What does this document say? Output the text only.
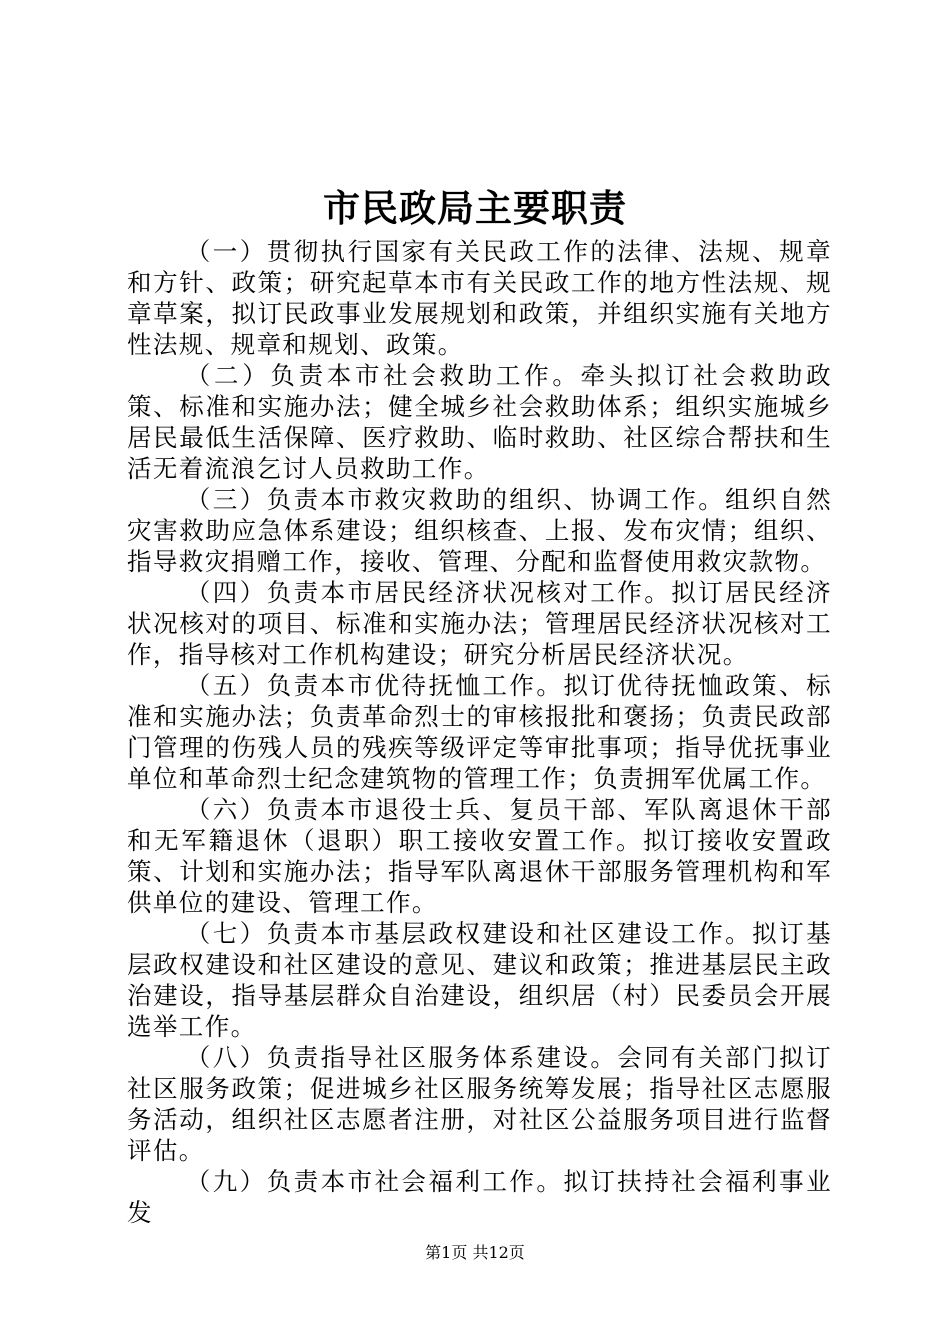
市民政局主要职责

（一）贯彻执行国家有关民政工作的法律、法规、规章和方针、政策；研究起草本市有关民政工作的地方性法规、规章草案，拟订民政事业发展规划和政策，并组织实施有关地方性法规、规章和规划、政策。

（二）负责本市社会救助工作。牵头拟订社会救助政策、标准和实施办法；健全城乡社会救助体系；组织实施城乡居民最低生活保障、医疗救助、临时救助、社区综合帮扶和生活无着流浪乞讨人员救助工作。

（三）负责本市救灾救助的组织、协调工作。组织自然灾害救助应急体系建设；组织核查、上报、发布灾情；组织、指导救灾捐赠工作，接收、管理、分配和监督使用救灾款物。

（四）负责本市居民经济状况核对工作。拟订居民经济状况核对的项目、标准和实施办法；管理居民经济状况核对工作，指导核对工作机构建设；研究分析居民经济状况。

（五）负责本市优待抚恤工作。拟订优待抚恤政策、标准和实施办法；负责革命烈士的审核报批和褒扬；负责民政部门管理的伤残人员的残疾等级评定等审批事项；指导优抚事业单位和革命烈士纪念建筑物的管理工作；负责拥军优属工作。

（六）负责本市退役士兵、复员干部、军队离退休干部和无军籍退休（退职）职工接收安置工作。拟订接收安置政策、计划和实施办法；指导军队离退休干部服务管理机构和军供单位的建设、管理工作。

（七）负责本市基层政权建设和社区建设工作。拟订基层政权建设和社区建设的意见、建议和政策；推进基层民主政治建设，指导基层群众自治建设，组织居（村）民委员会开展选举工作。

（八）负责指导社区服务体系建设。会同有关部门拟订社区服务政策；促进城乡社区服务统筹发展；指导社区志愿服务活动，组织社区志愿者注册，对社区公益服务项目进行监督评估。

（九）负责本市社会福利工作。拟订扶持社会福利事业发

第1页 共12页
